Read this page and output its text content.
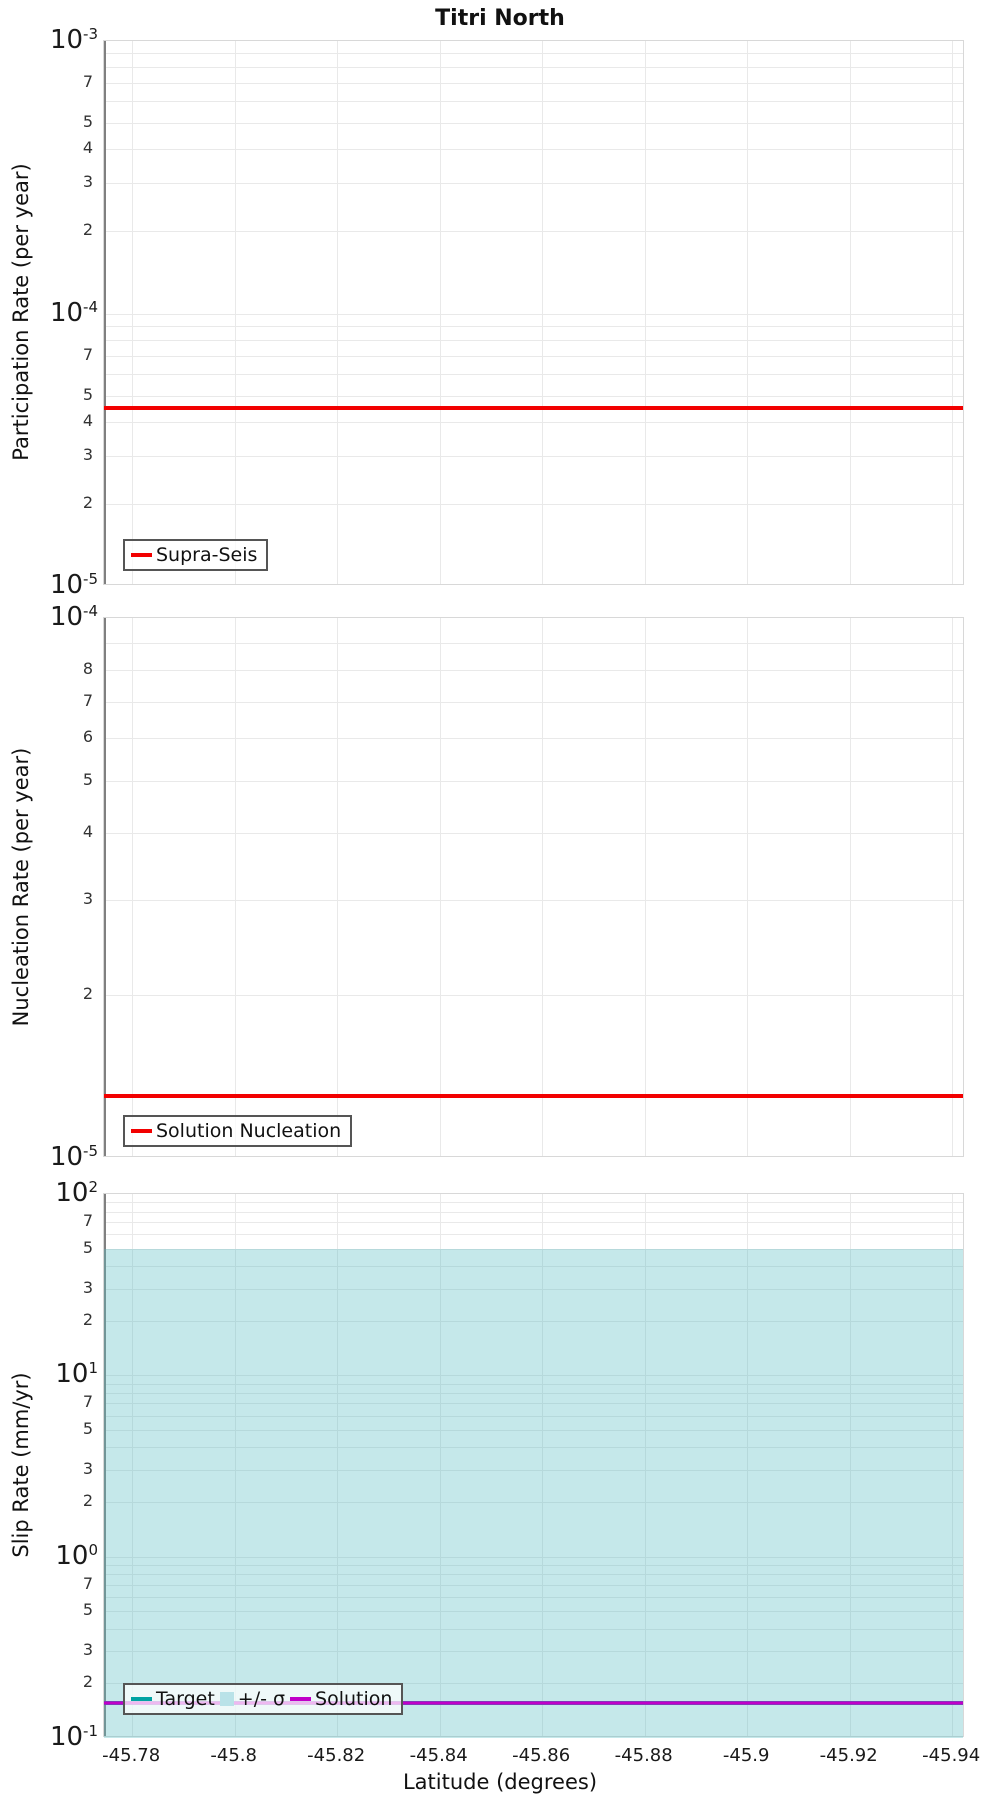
Titri North
Participation Rate (per year)
Nucleation Rate (per year)
Slip Rate (mm/yr)
$10^{-3}$
$10^{-4}$
$10^{-5}$
7
5
4
3
2
7
5
4
3
2
Supra-Seis
$10^{-4}$
$10^{-5}$
8
7
6
5
4
3
2
Solution Nucleation
$10^2$
$10^1$
$10^0$
$10^{-1}$
7
5
3
2
7
5
3
2
7
5
3
2
Target +/- σ Solution
-45.78	-45.8	-45.82 -45.84 -45.86 -45.88	-45.9	-45.92 -45.94
Latitude (degrees)
